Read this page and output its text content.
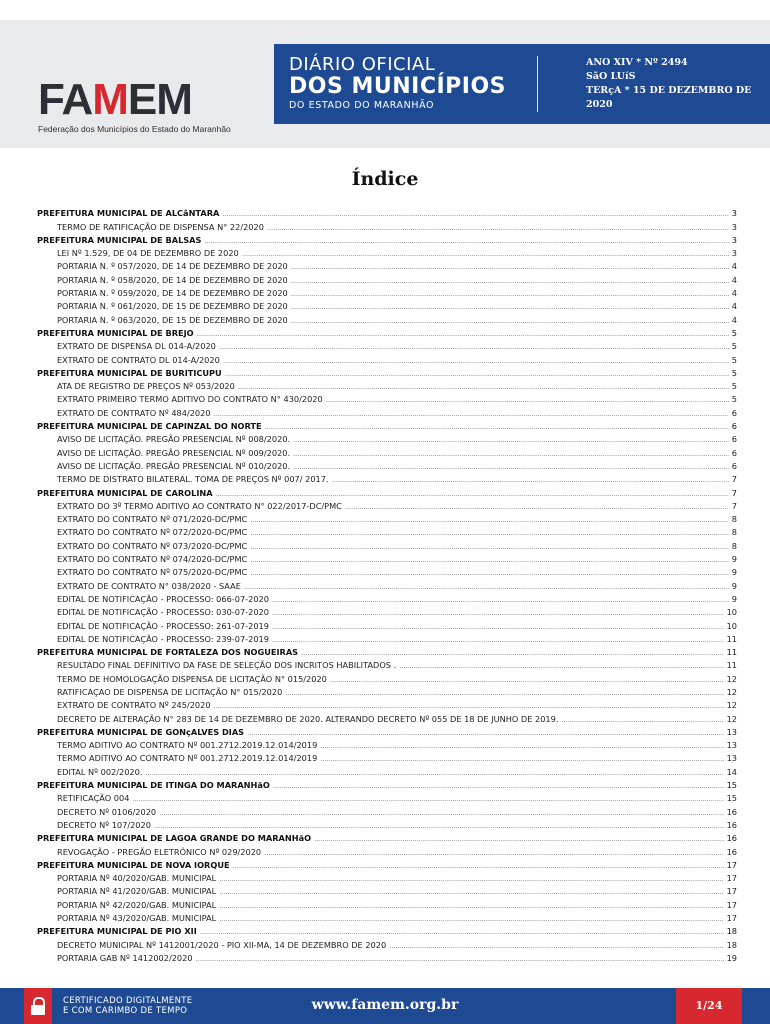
FAMEM
Federação dos Municípios do Estado do Maranhão
DIÁRIO OFICIAL
DOS MUNICÍPIOS
DO ESTADO DO MARANHÃO
ANO XIV * Nº 2494
SãO LUíS
TERçA * 15 DE DEZEMBRO DE
2020
Índice
PREFEITURA MUNICIPAL DE ALCâNTARA . . .	3
TERMO DE RATIFICAÇÃO DE DISPENSA N° 22/2020 . . .	3
PREFEITURA MUNICIPAL DE BALSAS . . .	3
LEI Nº 1.529, DE 04 DE DEZEMBRO DE 2020 . . .	3
PORTARIA N. º 057/2020, DE 14 DE DEZEMBRO DE 2020 . . .	4
PORTARIA N. º 058/2020, DE 14 DE DEZEMBRO DE 2020 . . .	4
PORTARIA N. º 059/2020, DE 14 DE DEZEMBRO DE 2020 . . .	4
PORTARIA N. º 061/2020, DE 15 DE DEZEMBRO DE 2020 . . .	4
PORTARIA N. º 063/2020, DE 15 DE DEZEMBRO DE 2020 . . .	4
PREFEITURA MUNICIPAL DE BREJO . . .	5
EXTRATO DE DISPENSA DL 014-A/2020 . . .	5
EXTRATO DE CONTRATO DL 014-A/2020 . . .	5
PREFEITURA MUNICIPAL DE BURITICUPU . . .	5
ATA DE REGISTRO DE PREÇOS Nº 053/2020 . . .	5
EXTRATO PRIMEIRO TERMO ADITIVO DO CONTRATO N° 430/2020 . . .	5
EXTRATO DE CONTRATO Nº 484/2020 . . .	6
PREFEITURA MUNICIPAL DE CAPINZAL DO NORTE . . .	6
AVISO DE LICITAÇÃO. PREGÃO PRESENCIAL Nº 008/2020. . . .	6
AVISO DE LICITAÇÃO. PREGÃO PRESENCIAL Nº 009/2020. . . .	6
AVISO DE LICITAÇÃO. PREGÃO PRESENCIAL Nº 010/2020. . . .	6
TERMO DE DISTRATO BILATERAL. TOMA DE PREÇOS Nº 007/ 2017. . . .	7
PREFEITURA MUNICIPAL DE CAROLINA . . .	7
EXTRATO DO 3º TERMO ADITIVO AO CONTRATO N° 022/2017-DC/PMC . . .	7
EXTRATO DO CONTRATO Nº 071/2020-DC/PMC . . .	8
EXTRATO DO CONTRATO Nº 072/2020-DC/PMC . . .	8
EXTRATO DO CONTRATO Nº 073/2020-DC/PMC . . .	8
EXTRATO DO CONTRATO Nº 074/2020-DC/PMC . . .	9
EXTRATO DO CONTRATO Nº 075/2020-DC/PMC . . .	9
EXTRATO DE CONTRATO N° 038/2020 - SAAE . . .	9
EDITAL DE NOTIFICAÇÃO - PROCESSO: 066-07-2020 . . .	9
EDITAL DE NOTIFICAÇÃO - PROCESSO: 030-07-2020 . . .	10
EDITAL DE NOTIFICAÇÃO - PROCESSO: 261-07-2019 . . .	10
EDITAL DE NOTIFICAÇÃO - PROCESSO: 239-07-2019 . . .	11
PREFEITURA MUNICIPAL DE FORTALEZA DOS NOGUEIRAS . . .	11
RESULTADO FINAL DEFINITIVO DA FASE DE SELEÇÃO DOS INCRITOS HABILITADOS . . . .	11
TERMO DE HOMOLOGAÇÃO DISPENSA DE LICITAÇÃO N° 015/2020 . . .	12
RATIFICAÇAO DE DISPENSA DE LICITAÇÃO N° 015/2020 . . .	12
EXTRATO DE CONTRATO Nº 245/2020 . . .	12
DECRETO DE ALTERAÇÃO N° 283 DE 14 DE DEZEMBRO DE 2020. ALTERANDO DECRETO Nº 055 DE 18 DE JUNHO DE 2019. . . .	12
PREFEITURA MUNICIPAL DE GONçALVES DIAS . . .	13
TERMO ADITIVO AO CONTRATO Nº 001.2712.2019.12.014/2019 . . .	13
TERMO ADITIVO AO CONTRATO Nº 001.2712.2019.12.014/2019 . . .	13
EDITAL Nº 002/2020. . . .	14
PREFEITURA MUNICIPAL DE ITINGA DO MARANHãO . . .	15
RETIFICAÇÃO 004 . . .	15
DECRETO Nº 0106/2020 . . .	16
DECRETO Nº 107/2020 . . .	16
PREFEITURA MUNICIPAL DE LAGOA GRANDE DO MARANHãO . . .	16
REVOGAÇÃO - PREGÃO ELETRÔNICO Nº 029/2020 . . .	16
PREFEITURA MUNICIPAL DE NOVA IORQUE . . .	17
PORTARIA Nº 40/2020/GAB. MUNICIPAL . . .	17
PORTARIA Nº 41/2020/GAB. MUNICIPAL . . .	17
PORTARIA Nº 42/2020/GAB. MUNICIPAL . . .	17
PORTARIA Nº 43/2020/GAB. MUNICIPAL . . .	17
PREFEITURA MUNICIPAL DE PIO XII . . .	18
DECRETO MUNICIPAL Nº 1412001/2020 - PIO XII-MA, 14 DE DEZEMBRO DE 2020 . . .	18
PORTARIA GAB Nº 1412002/2020 . . .	19
CERTIFICADO DIGITALMENTE
E COM CARIMBO DE TEMPO	www.famem.org.br	1/24
